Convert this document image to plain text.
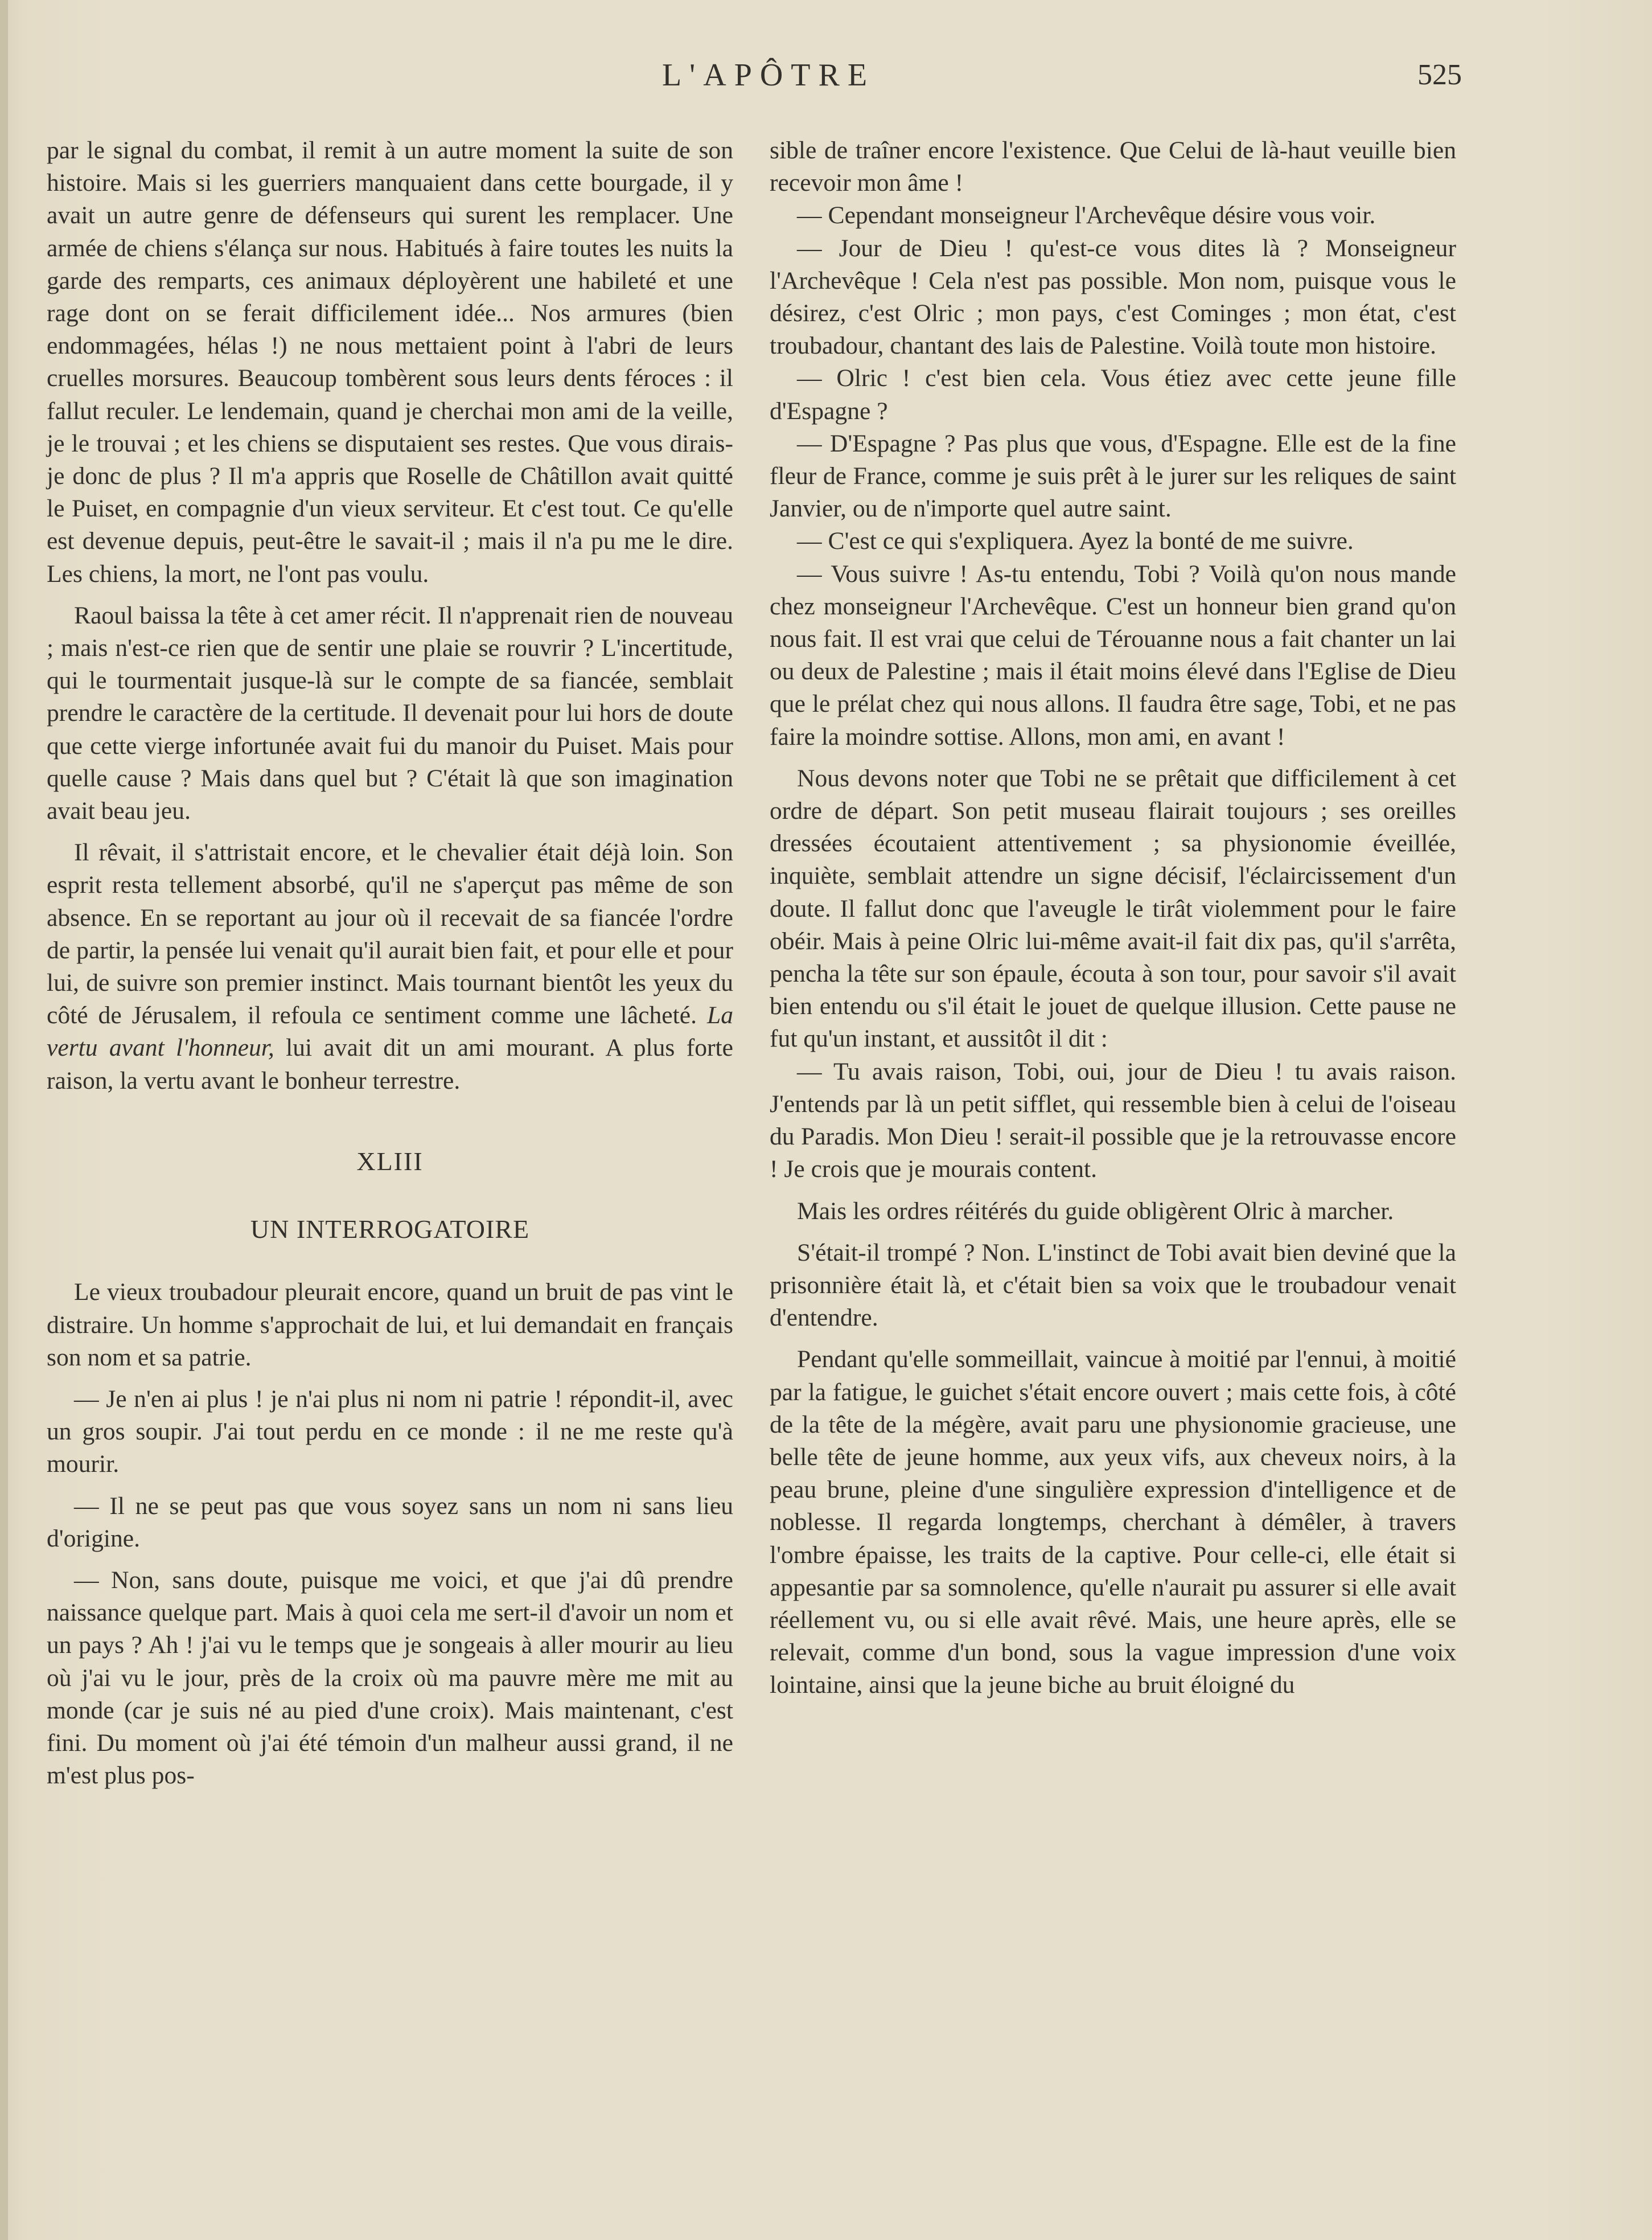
L'APÔTRE	525

par le signal du combat, il remit à un autre moment la suite de son histoire. Mais si les guerriers manquaient dans cette bourgade, il y avait un autre genre de défenseurs qui surent les remplacer. Une armée de chiens s'élança sur nous. Habitués à faire toutes les nuits la garde des remparts, ces animaux déployèrent une habileté et une rage dont on se ferait difficilement idée... Nos armures (bien endommagées, hélas !) ne nous mettaient point à l'abri de leurs cruelles morsures. Beaucoup tombèrent sous leurs dents féroces : il fallut reculer. Le lendemain, quand je cherchai mon ami de la veille, je le trouvai ; et les chiens se disputaient ses restes. Que vous dirais-je donc de plus ? Il m'a appris que Roselle de Châtillon avait quitté le Puiset, en compagnie d'un vieux serviteur. Et c'est tout. Ce qu'elle est devenue depuis, peut-être le savait-il ; mais il n'a pu me le dire. Les chiens, la mort, ne l'ont pas voulu.

Raoul baissa la tête à cet amer récit. Il n'apprenait rien de nouveau ; mais n'est-ce rien que de sentir une plaie se rouvrir ? L'incertitude, qui le tourmentait jusque-là sur le compte de sa fiancée, semblait prendre le caractère de la certitude. Il devenait pour lui hors de doute que cette vierge infortunée avait fui du manoir du Puiset. Mais pour quelle cause ? Mais dans quel but ? C'était là que son imagination avait beau jeu.

Il rêvait, il s'attristait encore, et le chevalier était déjà loin. Son esprit resta tellement absorbé, qu'il ne s'aperçut pas même de son absence. En se reportant au jour où il recevait de sa fiancée l'ordre de partir, la pensée lui venait qu'il aurait bien fait, et pour elle et pour lui, de suivre son premier instinct. Mais tournant bientôt les yeux du côté de Jérusalem, il refoula ce sentiment comme une lâcheté. La vertu avant l'honneur, lui avait dit un ami mourant. A plus forte raison, la vertu avant le bonheur terrestre.

XLIII

UN INTERROGATOIRE

Le vieux troubadour pleurait encore, quand un bruit de pas vint le distraire. Un homme s'approchait de lui, et lui demandait en français son nom et sa patrie.

— Je n'en ai plus ! je n'ai plus ni nom ni patrie ! répondit-il, avec un gros soupir. J'ai tout perdu en ce monde : il ne me reste qu'à mourir.

— Il ne se peut pas que vous soyez sans un nom ni sans lieu d'origine.

— Non, sans doute, puisque me voici, et que j'ai dû prendre naissance quelque part. Mais à quoi cela me sert-il d'avoir un nom et un pays ? Ah ! j'ai vu le temps que je songeais à aller mourir au lieu où j'ai vu le jour, près de la croix où ma pauvre mère me mit au monde (car je suis né au pied d'une croix). Mais maintenant, c'est fini. Du moment où j'ai été témoin d'un malheur aussi grand, il ne m'est plus pos-

sible de traîner encore l'existence. Que Celui de là-haut veuille bien recevoir mon âme !

— Cependant monseigneur l'Archevêque désire vous voir.

— Jour de Dieu ! qu'est-ce vous dites là ? Monseigneur l'Archevêque ! Cela n'est pas possible. Mon nom, puisque vous le désirez, c'est Olric ; mon pays, c'est Cominges ; mon état, c'est troubadour, chantant des lais de Palestine. Voilà toute mon histoire.

— Olric ! c'est bien cela. Vous étiez avec cette jeune fille d'Espagne ?

— D'Espagne ? Pas plus que vous, d'Espagne. Elle est de la fine fleur de France, comme je suis prêt à le jurer sur les reliques de saint Janvier, ou de n'importe quel autre saint.

— C'est ce qui s'expliquera. Ayez la bonté de me suivre.

— Vous suivre ! As-tu entendu, Tobi ? Voilà qu'on nous mande chez monseigneur l'Archevêque. C'est un honneur bien grand qu'on nous fait. Il est vrai que celui de Térouanne nous a fait chanter un lai ou deux de Palestine ; mais il était moins élevé dans l'Eglise de Dieu que le prélat chez qui nous allons. Il faudra être sage, Tobi, et ne pas faire la moindre sottise. Allons, mon ami, en avant !

Nous devons noter que Tobi ne se prêtait que difficilement à cet ordre de départ. Son petit museau flairait toujours ; ses oreilles dressées écoutaient attentivement ; sa physionomie éveillée, inquiète, semblait attendre un signe décisif, l'éclaircissement d'un doute. Il fallut donc que l'aveugle le tirât violemment pour le faire obéir. Mais à peine Olric lui-même avait-il fait dix pas, qu'il s'arrêta, pencha la tête sur son épaule, écouta à son tour, pour savoir s'il avait bien entendu ou s'il était le jouet de quelque illusion. Cette pause ne fut qu'un instant, et aussitôt il dit :

— Tu avais raison, Tobi, oui, jour de Dieu ! tu avais raison. J'entends par là un petit sifflet, qui ressemble bien à celui de l'oiseau du Paradis. Mon Dieu ! serait-il possible que je la retrouvasse encore ! Je crois que je mourais content.

Mais les ordres réitérés du guide obligèrent Olric à marcher.

S'était-il trompé ? Non. L'instinct de Tobi avait bien deviné que la prisonnière était là, et c'était bien sa voix que le troubadour venait d'entendre.

Pendant qu'elle sommeillait, vaincue à moitié par l'ennui, à moitié par la fatigue, le guichet s'était encore ouvert ; mais cette fois, à côté de la tête de la mégère, avait paru une physionomie gracieuse, une belle tête de jeune homme, aux yeux vifs, aux cheveux noirs, à la peau brune, pleine d'une singulière expression d'intelligence et de noblesse. Il regarda longtemps, cherchant à démêler, à travers l'ombre épaisse, les traits de la captive. Pour celle-ci, elle était si appesantie par sa somnolence, qu'elle n'aurait pu assurer si elle avait réellement vu, ou si elle avait rêvé. Mais, une heure après, elle se relevait, comme d'un bond, sous la vague impression d'une voix lointaine, ainsi que la jeune biche au bruit éloigné du
